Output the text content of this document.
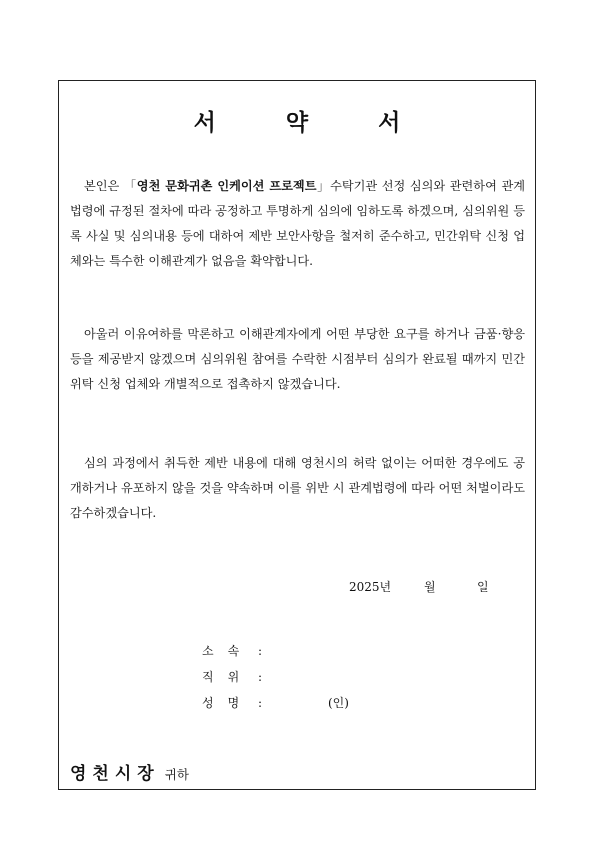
서	약	서

본인은 「영천 문화귀촌 인케이션 프로젝트」수탁기관 선정 심의와 관련하여 관계법령에 규정된 절차에 따라 공정하고 투명하게 심의에 임하도록 하겠으며, 심의위원 등록 사실 및 심의내용 등에 대하여 제반 보안사항을 철저히 준수하고, 민간위탁 신청 업체와는 특수한 이해관계가 없음을 확약합니다.

아울러 이유여하를 막론하고 이해관계자에게 어떤 부당한 요구를 하거나 금품·향응 등을 제공받지 않겠으며 심의위원 참여를 수락한 시점부터 심의가 완료될 때까지 민간위탁 신청 업체와 개별적으로 접촉하지 않겠습니다.

심의 과정에서 취득한 제반 내용에 대해 영천시의 허락 없이는 어떠한 경우에도 공개하거나 유포하지 않을 것을 약속하며 이를 위반 시 관계법령에 따라 어떤 처벌이라도 감수하겠습니다.

2025년	월	일
소속 :
직위 :
성명 :	(인)
영천시장 귀하
